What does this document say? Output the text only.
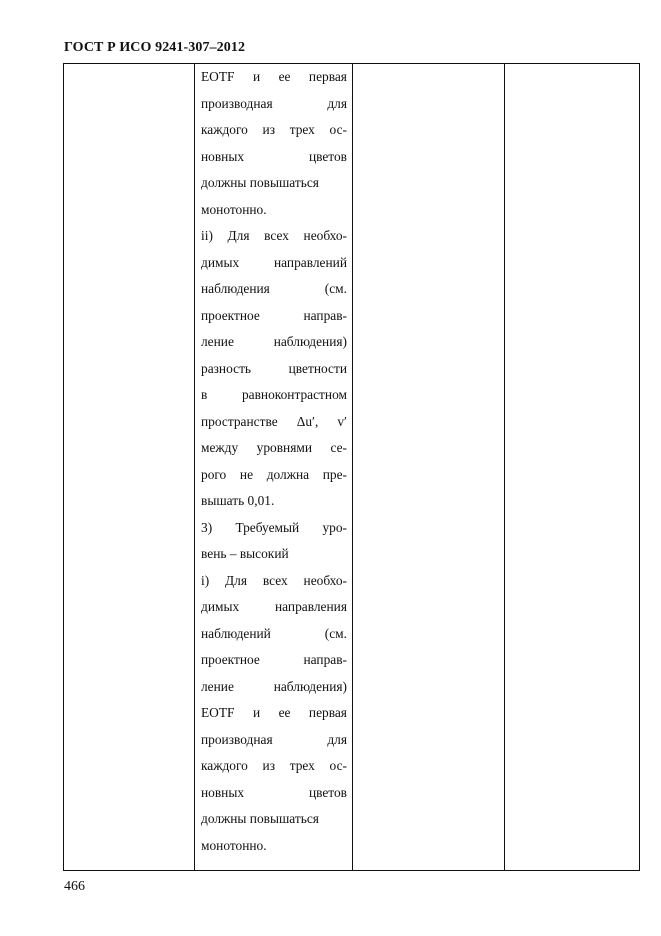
ГОСТ Р ИСО 9241-307–2012

EOTF и ее первая
производная	для
каждого из трех ос-
новных	цветов
должны повышаться
монотонно.
ii) Для всех необхо-
димых	направлений
наблюдения	(см.
проектное	направ-
ление	наблюдения)
разность	цветности
в	равноконтрастном
пространстве Δu′, v′
между уровнями се-
рого не должна пре-
вышать 0,01.
3) Требуемый уро-
вень – высокий
i) Для всех необхо-
димых	направления
наблюдений	(см.
проектное	направ-
ление	наблюдения)
EOTF и ее первая
производная	для
каждого из трех ос-
новных	цветов
должны повышаться
монотонно.

466
